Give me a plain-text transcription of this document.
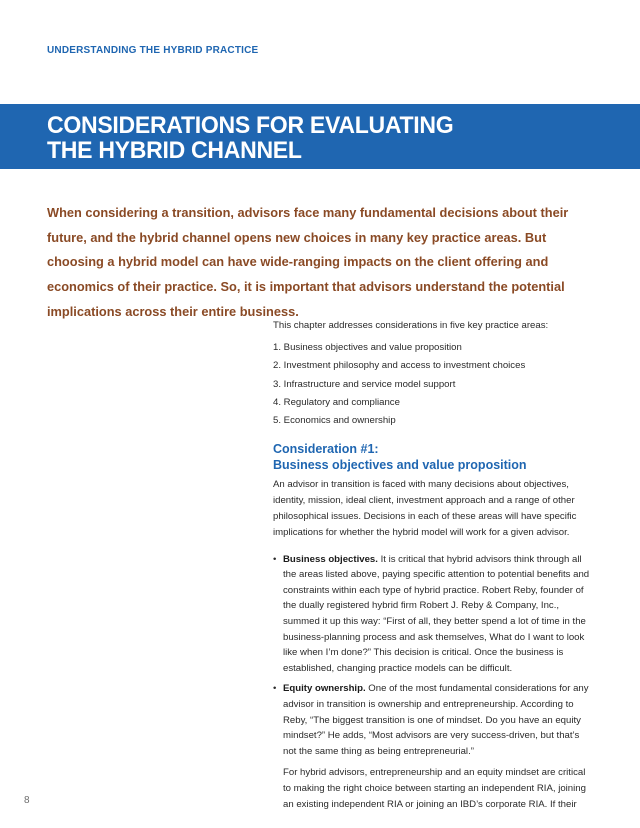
UNDERSTANDING THE HYBRID PRACTICE
CONSIDERATIONS FOR EVALUATING
THE HYBRID CHANNEL

When considering a transition, advisors face many fundamental decisions about their future, and the hybrid channel opens new choices in many key practice areas. But choosing a hybrid model can have wide-ranging impacts on the client offering and economics of their practice. So, it is important that advisors understand the potential implications across their entire business.

This chapter addresses considerations in five key practice areas:

1. Business objectives and value proposition
2. Investment philosophy and access to investment choices
3. Infrastructure and service model support
4. Regulatory and compliance
5. Economics and ownership
Consideration #1:
Business objectives and value proposition

An advisor in transition is faced with many decisions about objectives, identity, mission, ideal client, investment approach and a range of other philosophical issues. Decisions in each of these areas will have specific implications for whether the hybrid model will work for a given advisor.

• Business objectives. It is critical that hybrid advisors think through all the areas listed above, paying specific attention to potential benefits and constraints within each type of hybrid practice. Robert Reby, founder of the dually registered hybrid firm Robert J. Reby & Company, Inc., summed it up this way: “First of all, they better spend a lot of time in the business-planning process and ask themselves, What do I want to look like when I’m done?” This decision is critical. Once the business is established, changing practice models can be difficult.
• Equity ownership. One of the most fundamental considerations for any advisor in transition is ownership and entrepreneurship. According to Reby, “The biggest transition is one of mindset. Do you have an equity mindset?” He adds, “Most advisors are very success-driven, but that’s not the same thing as being entrepreneurial.”

For hybrid advisors, entrepreneurship and an equity mindset are critical to making the right choice between starting an independent RIA, joining an existing independent RIA or joining an IBD’s corporate RIA. If their

8
